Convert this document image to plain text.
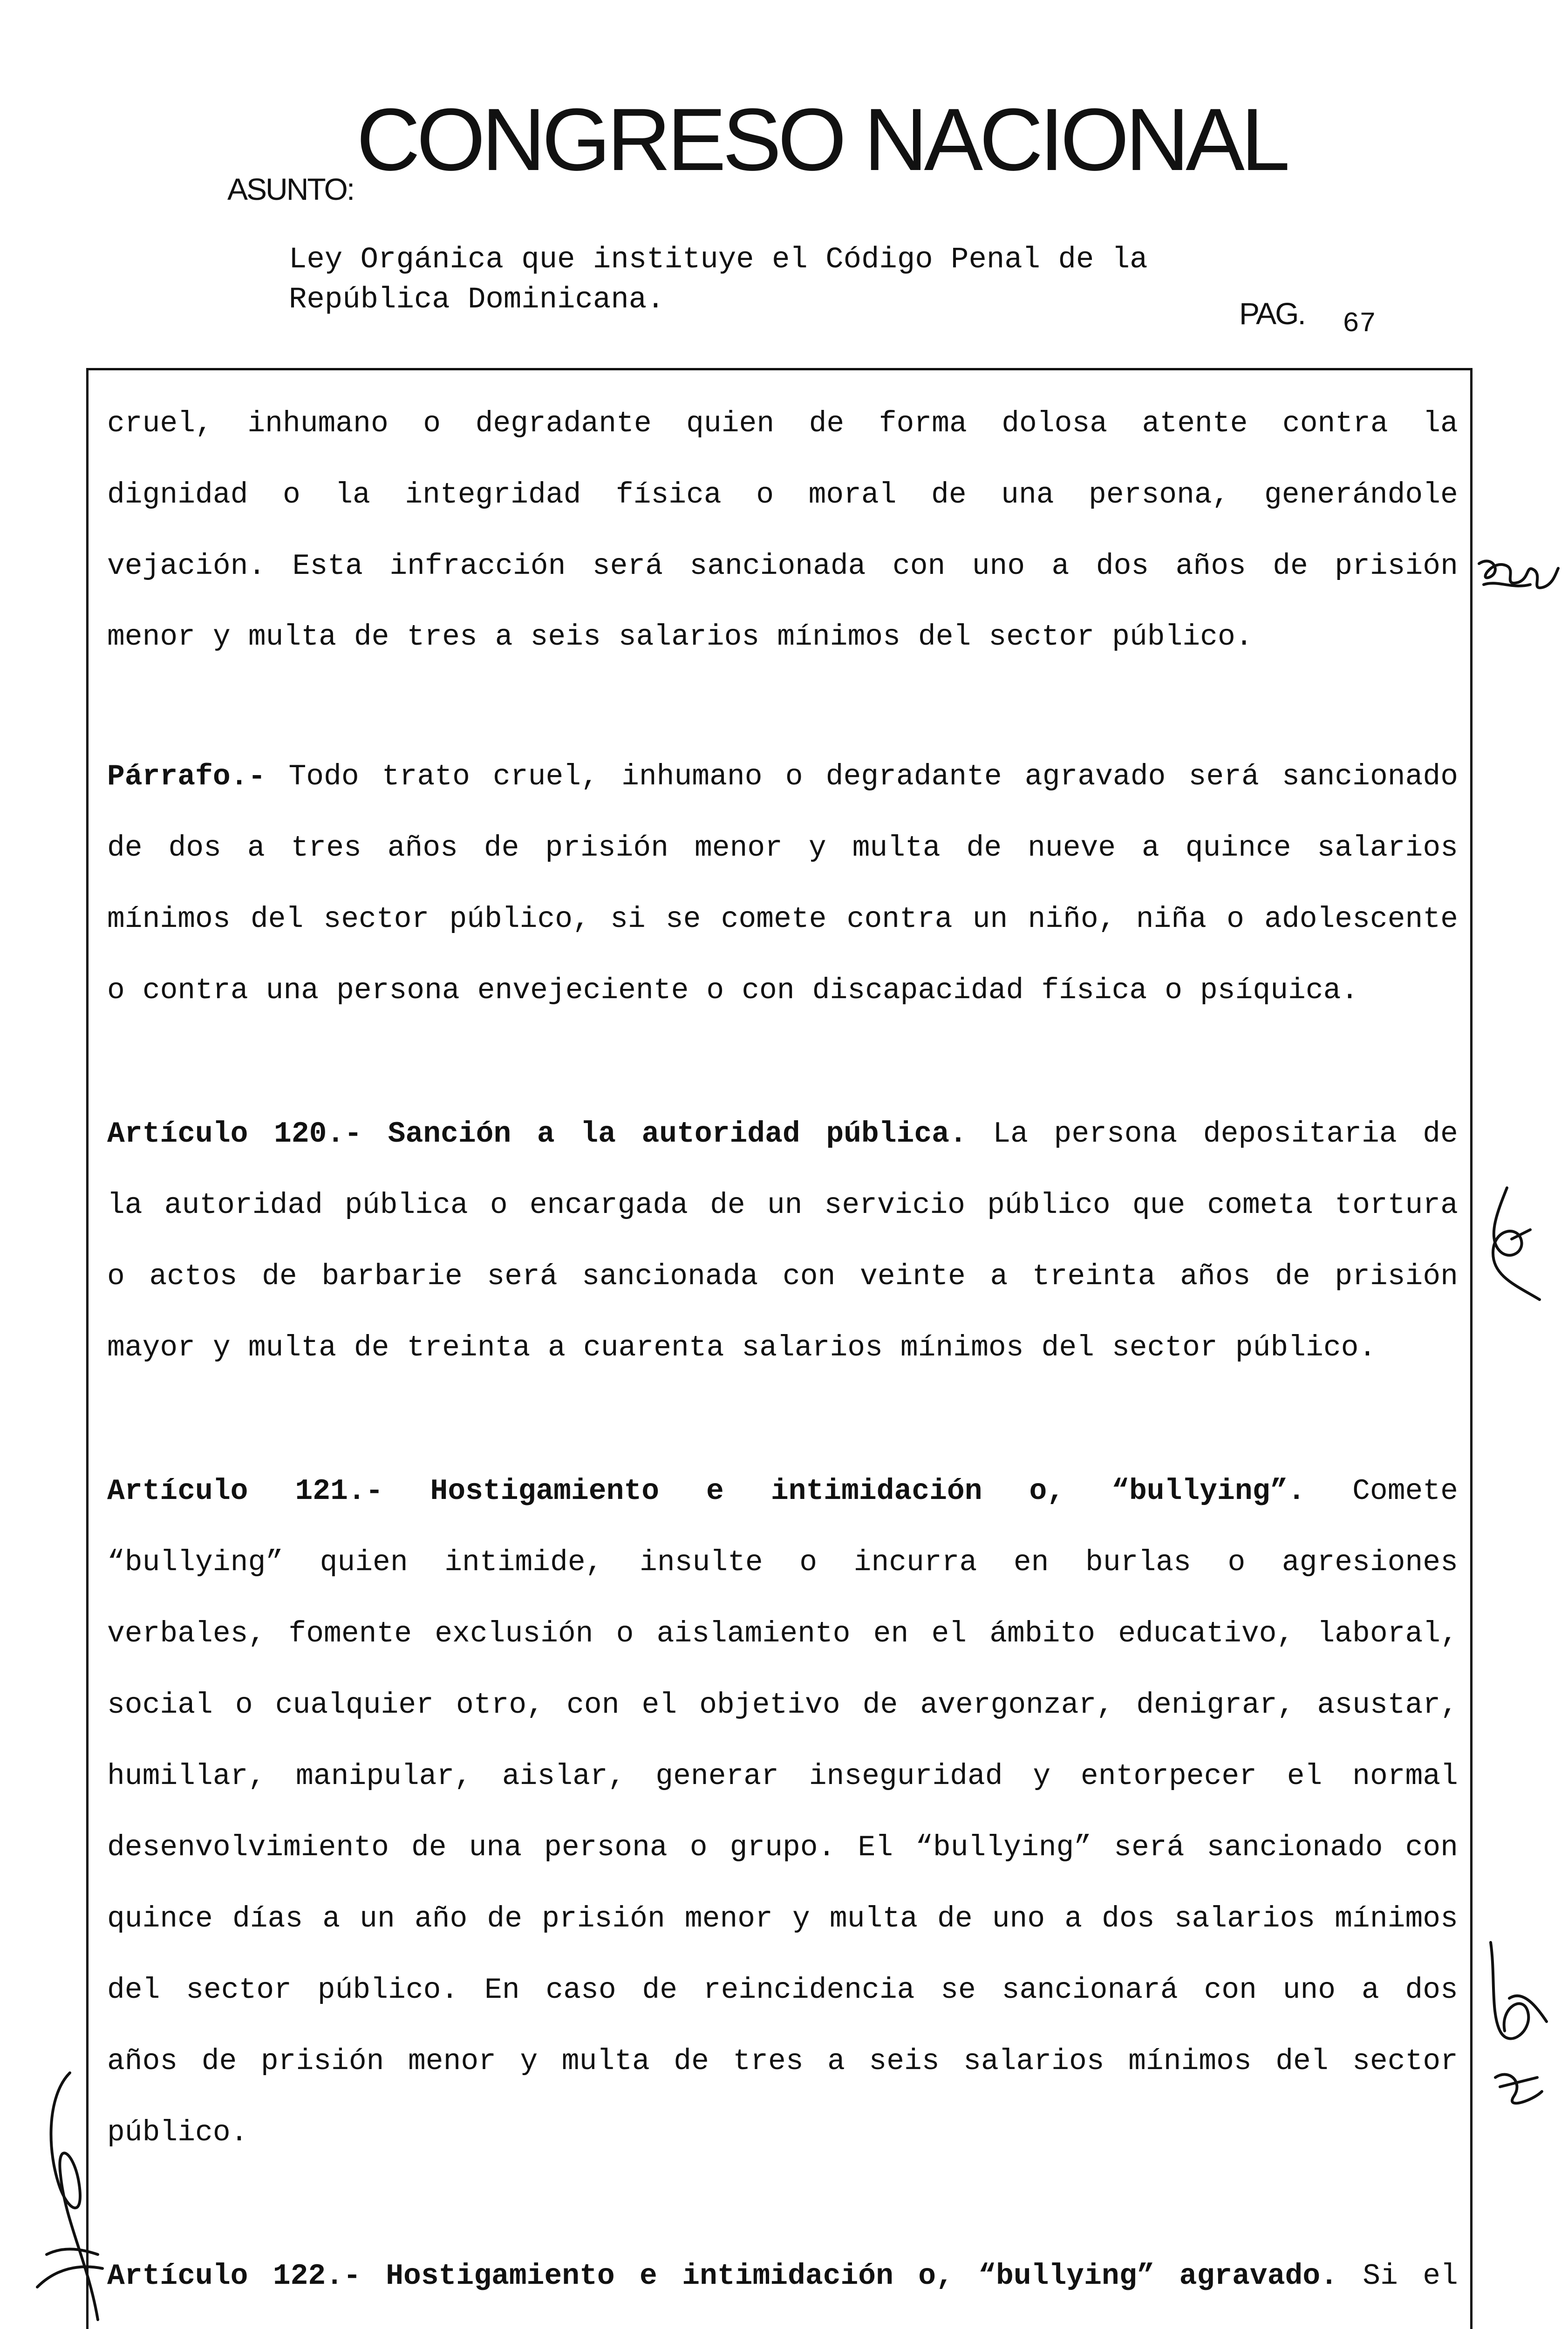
CONGRESO NACIONAL
ASUNTO:
Ley Orgánica que instituye el Código Penal de la
República Dominicana.	PAG. 67
cruel, inhumano o degradante quien de forma dolosa atente contra la
dignidad o la integridad física o moral de una persona, generándole
vejación. Esta infracción será sancionada con uno a dos años de prisión
menor y multa de tres a seis salarios mínimos del sector público.
Párrafo.- Todo trato cruel, inhumano o degradante agravado será sancionado
de dos a tres años de prisión menor y multa de nueve a quince salarios
mínimos del sector público, si se comete contra un niño, niña o adolescente
o contra una persona envejeciente o con discapacidad física o psíquica.
Artículo 120.- Sanción a la autoridad pública. La persona depositaria de
la autoridad pública o encargada de un servicio público que cometa tortura
o actos de barbarie será sancionada con veinte a treinta años de prisión
mayor y multa de treinta a cuarenta salarios mínimos del sector público.
Artículo 121.- Hostigamiento e intimidación o, “bullying”. Comete
“bullying” quien intimide, insulte o incurra en burlas o agresiones
verbales, fomente exclusión o aislamiento en el ámbito educativo, laboral,
social o cualquier otro, con el objetivo de avergonzar, denigrar, asustar,
humillar, manipular, aislar, generar inseguridad y entorpecer el normal
desenvolvimiento de una persona o grupo. El “bullying” será sancionado con
quince días a un año de prisión menor y multa de uno a dos salarios mínimos
del sector público. En caso de reincidencia se sancionará con uno a dos
años de prisión menor y multa de tres a seis salarios mínimos del sector
público.
Artículo 122.- Hostigamiento e intimidación o, “bullying” agravado. Si el
